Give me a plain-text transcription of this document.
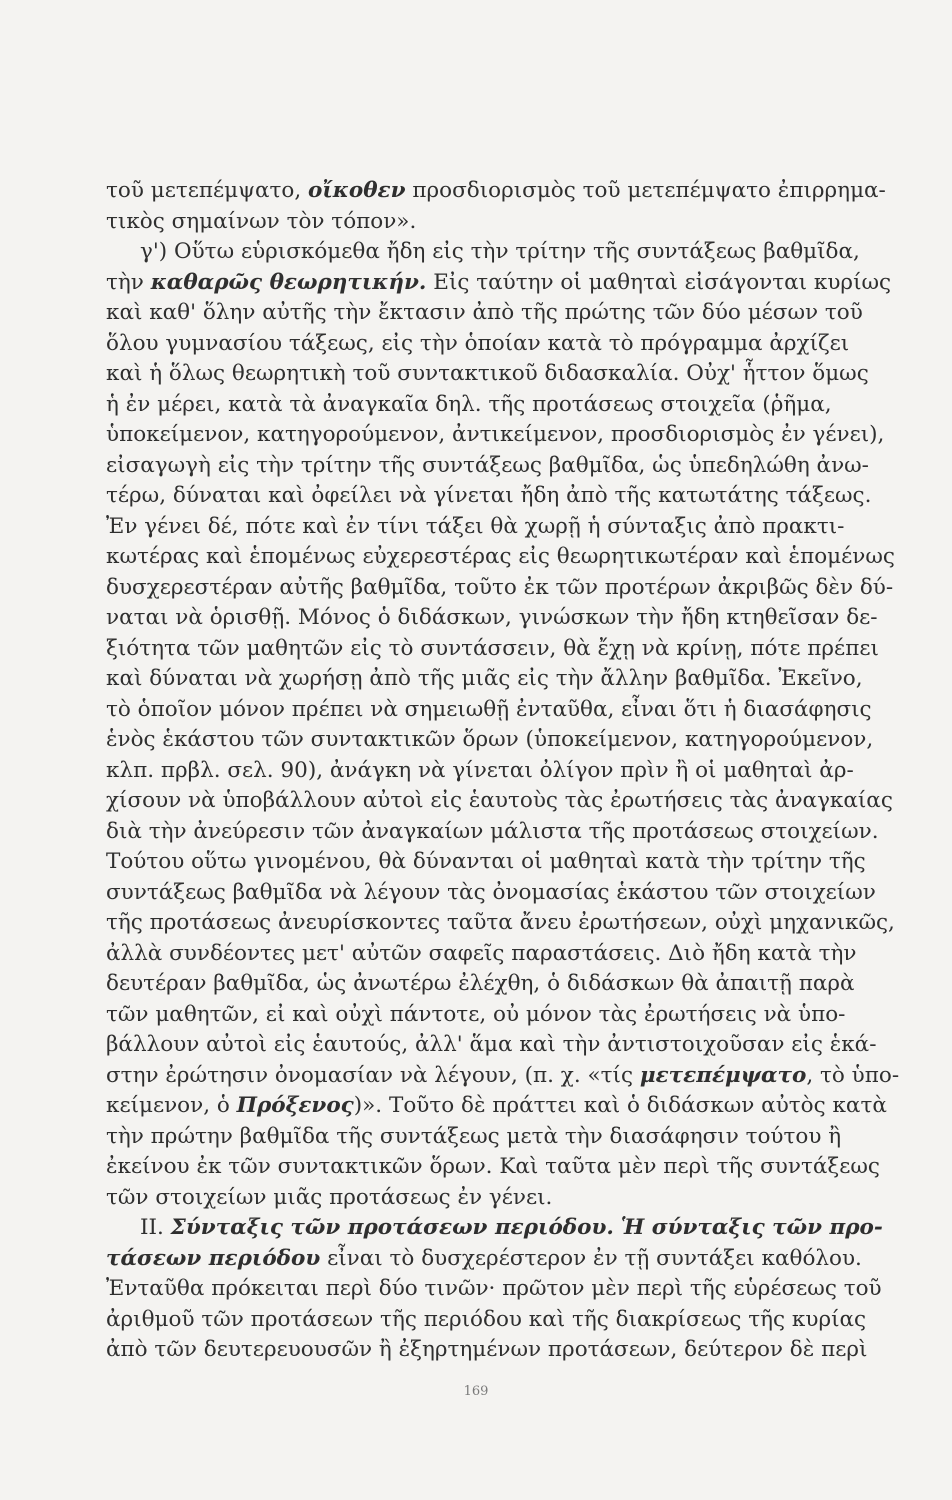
τοῦ μετεπέμψατο, οἴκοθεν προσδιορισμὸς τοῦ μετεπέμψατο ἐπιρρημα-
τικὸς σημαίνων τὸν τόπον».
γ') Οὕτω εὑρισκόμεθα ἤδη εἰς τὴν τρίτην τῆς συντάξεως βαθμῖδα,
τὴν καθαρῶς θεωρητικήν. Εἰς ταύτην οἱ μαθηταὶ εἰσάγονται κυρίως
καὶ καθ' ὅλην αὐτῆς τὴν ἔκτασιν ἀπὸ τῆς πρώτης τῶν δύο μέσων τοῦ
ὅλου γυμνασίου τάξεως, εἰς τὴν ὁποίαν κατὰ τὸ πρόγραμμα ἀρχίζει
καὶ ἡ ὅλως θεωρητικὴ τοῦ συντακτικοῦ διδασκαλία. Οὐχ' ἧττον ὅμως
ἡ ἐν μέρει, κατὰ τὰ ἀναγκαῖα δηλ. τῆς προτάσεως στοιχεῖα (ῥῆμα,
ὑποκείμενον, κατηγορούμενον, ἀντικείμενον, προσδιορισμὸς ἐν γένει),
εἰσαγωγὴ εἰς τὴν τρίτην τῆς συντάξεως βαθμῖδα, ὡς ὑπεδηλώθη ἀνω-
τέρω, δύναται καὶ ὀφείλει νὰ γίνεται ἤδη ἀπὸ τῆς κατωτάτης τάξεως.
Ἐν γένει δέ, πότε καὶ ἐν τίνι τάξει θὰ χωρῇ ἡ σύνταξις ἀπὸ πρακτι-
κωτέρας καὶ ἑπομένως εὐχερεστέρας εἰς θεωρητικωτέραν καὶ ἑπομένως
δυσχερεστέραν αὐτῆς βαθμῖδα, τοῦτο ἐκ τῶν προτέρων ἀκριβῶς δὲν δύ-
ναται νὰ ὁρισθῇ. Μόνος ὁ διδάσκων, γινώσκων τὴν ἤδη κτηθεῖσαν δε-
ξιότητα τῶν μαθητῶν εἰς τὸ συντάσσειν, θὰ ἔχῃ νὰ κρίνῃ, πότε πρέπει
καὶ δύναται νὰ χωρήσῃ ἀπὸ τῆς μιᾶς εἰς τὴν ἄλλην βαθμῖδα. Ἐκεῖνο,
τὸ ὁποῖον μόνον πρέπει νὰ σημειωθῇ ἐνταῦθα, εἶναι ὅτι ἡ διασάφησις
ἑνὸς ἑκάστου τῶν συντακτικῶν ὅρων (ὑποκείμενον, κατηγορούμενον,
κλπ. πρβλ. σελ. 90), ἀνάγκη νὰ γίνεται ὀλίγον πρὶν ἢ οἱ μαθηταὶ ἀρ-
χίσουν νὰ ὑποβάλλουν αὐτοὶ εἰς ἑαυτοὺς τὰς ἐρωτήσεις τὰς ἀναγκαίας
διὰ τὴν ἀνεύρεσιν τῶν ἀναγκαίων μάλιστα τῆς προτάσεως στοιχείων.
Τούτου οὕτω γινομένου, θὰ δύνανται οἱ μαθηταὶ κατὰ τὴν τρίτην τῆς
συντάξεως βαθμῖδα νὰ λέγουν τὰς ὀνομασίας ἑκάστου τῶν στοιχείων
τῆς προτάσεως ἀνευρίσκοντες ταῦτα ἄνευ ἐρωτήσεων, οὐχὶ μηχανικῶς,
ἀλλὰ συνδέοντες μετ' αὐτῶν σαφεῖς παραστάσεις. Διὸ ἤδη κατὰ τὴν
δευτέραν βαθμῖδα, ὡς ἀνωτέρω ἐλέχθη, ὁ διδάσκων θὰ ἀπαιτῇ παρὰ
τῶν μαθητῶν, εἰ καὶ οὐχὶ πάντοτε, οὐ μόνον τὰς ἐρωτήσεις νὰ ὑπο-
βάλλουν αὐτοὶ εἰς ἑαυτούς, ἀλλ' ἅμα καὶ τὴν ἀντιστοιχοῦσαν εἰς ἑκά-
στην ἐρώτησιν ὀνομασίαν νὰ λέγουν, (π. χ. «τίς μετεπέμψατο, τὸ ὑπο-
κείμενον, ὁ Πρόξενος)». Τοῦτο δὲ πράττει καὶ ὁ διδάσκων αὐτὸς κατὰ
τὴν πρώτην βαθμῖδα τῆς συντάξεως μετὰ τὴν διασάφησιν τούτου ἢ
ἐκείνου ἐκ τῶν συντακτικῶν ὅρων. Καὶ ταῦτα μὲν περὶ τῆς συντάξεως
τῶν στοιχείων μιᾶς προτάσεως ἐν γένει.
II. Σύνταξις τῶν προτάσεων περιόδου. Ἡ σύνταξις τῶν προ-
τάσεων περιόδου εἶναι τὸ δυσχερέστερον ἐν τῇ συντάξει καθόλου.
Ἐνταῦθα πρόκειται περὶ δύο τινῶν· πρῶτον μὲν περὶ τῆς εὑρέσεως τοῦ
ἀριθμοῦ τῶν προτάσεων τῆς περιόδου καὶ τῆς διακρίσεως τῆς κυρίας
ἀπὸ τῶν δευτερευουσῶν ἢ ἐξηρτημένων προτάσεων, δεύτερον δὲ περὶ
169
